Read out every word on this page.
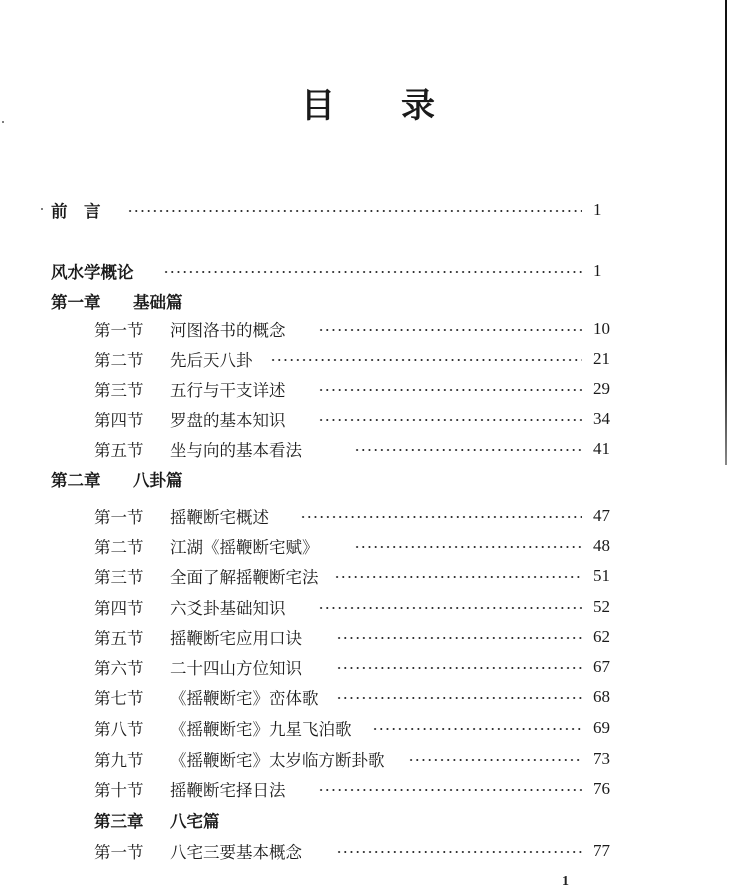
目 录
前　言	1
风水学概论	1
第一章 基础篇
第一节 河图洛书的概念	10
第二节 先后天八卦	21
第三节 五行与干支详述	29
第四节 罗盘的基本知识	34
第五节 坐与向的基本看法	41
第二章 八卦篇
第一节 摇鞭断宅概述	47
第二节 江湖《摇鞭断宅赋》	48
第三节 全面了解摇鞭断宅法	51
第四节 六爻卦基础知识	52
第五节 摇鞭断宅应用口诀	62
第六节 二十四山方位知识	67
第七节 《摇鞭断宅》峦体歌	68
第八节 《摇鞭断宅》九星飞泊歌	69
第九节 《摇鞭断宅》太岁临方断卦歌	73
第十节 摇鞭断宅择日法	76
第三章 八宅篇
第一节 八宅三要基本概念	77
1
